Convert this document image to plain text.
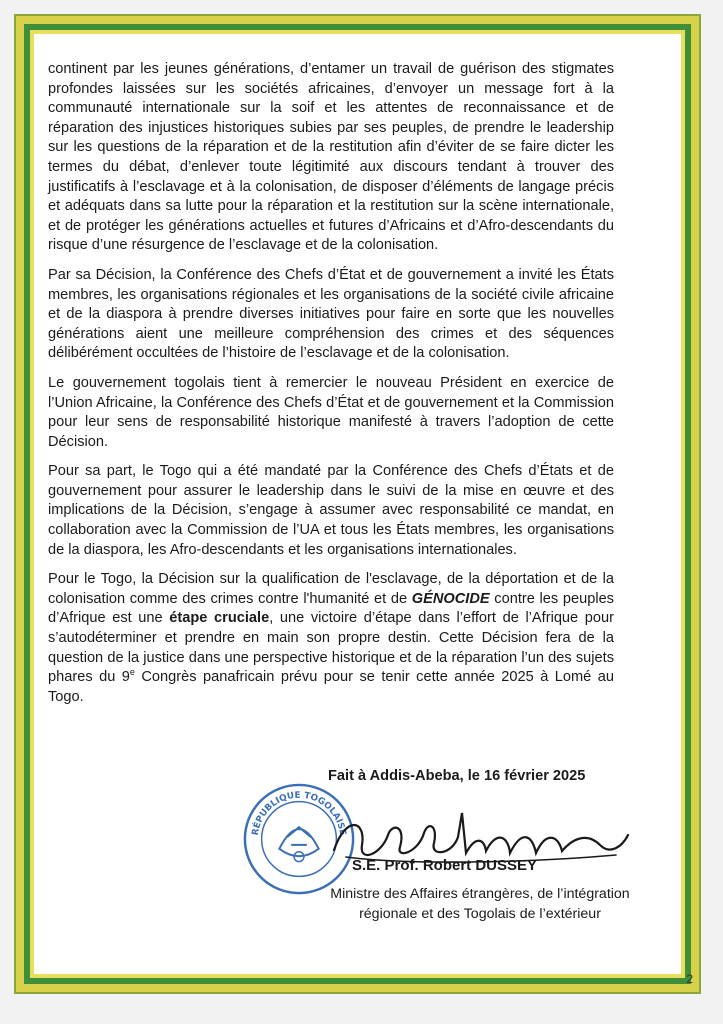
continent par les jeunes générations, d’entamer un travail de guérison des stigmates profondes laissées sur les sociétés africaines, d’envoyer un message fort à la communauté internationale sur la soif et les attentes de reconnaissance et de réparation des injustices historiques subies par ses peuples, de prendre le leadership sur les questions de la réparation et de la restitution afin d’éviter de se faire dicter les termes du débat, d’enlever toute légitimité aux discours tendant à trouver des justificatifs à l’esclavage et à la colonisation, de disposer d’éléments de langage précis et adéquats dans sa lutte pour la réparation et la restitution sur la scène internationale, et de protéger les générations actuelles et futures d’Africains et d’Afro-descendants du risque d’une résurgence de l’esclavage et de la colonisation.

Par sa Décision, la Conférence des Chefs d’État et de gouvernement a invité les États membres, les organisations régionales et les organisations de la société civile africaine et de la diaspora à prendre diverses initiatives pour faire en sorte que les nouvelles générations aient une meilleure compréhension des crimes et des séquences délibérément occultées de l’histoire de l’esclavage et de la colonisation.

Le gouvernement togolais tient à remercier le nouveau Président en exercice de l’Union Africaine, la Conférence des Chefs d’État et de gouvernement et la Commission pour leur sens de responsabilité historique manifesté à travers l’adoption de cette Décision.

Pour sa part, le Togo qui a été mandaté par la Conférence des Chefs d’États et de gouvernement pour assurer le leadership dans le suivi de la mise en œuvre et des implications de la Décision, s’engage à assumer avec responsabilité ce mandat, en collaboration avec la Commission de l’UA et tous les États membres, les organisations de la diaspora, les Afro-descendants et les organisations internationales.

Pour le Togo, la Décision sur la qualification de l'esclavage, de la déportation et de la colonisation comme des crimes contre l'humanité et de GÉNOCIDE contre les peuples d’Afrique est une étape cruciale, une victoire d’étape dans l’effort de l’Afrique pour s’autodéterminer et prendre en main son propre destin. Cette Décision fera de la question de la justice dans une perspective historique et de la réparation l’un des sujets phares du 9e Congrès panafricain prévu pour se tenir cette année 2025 à Lomé au Togo.

Fait à Addis-Abeba, le 16 février 2025
RÉPUBLIQUE TOGOLAISE
S.E. Prof. Robert DUSSEY
Ministre des Affaires étrangères, de l’intégration régionale et des Togolais de l’extérieur
2
